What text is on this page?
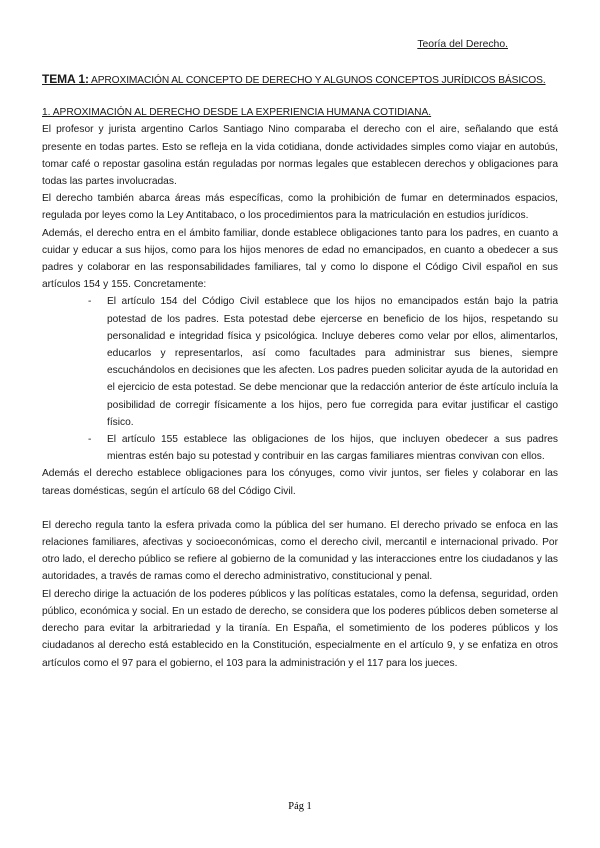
Teoría del Derecho.
TEMA 1: APROXIMACIÓN AL CONCEPTO DE DERECHO Y ALGUNOS CONCEPTOS JURÍDICOS BÁSICOS.
1. APROXIMACIÓN AL DERECHO DESDE LA EXPERIENCIA HUMANA COTIDIANA.

El profesor y jurista argentino Carlos Santiago Nino comparaba el derecho con el aire, señalando que está presente en todas partes. Esto se refleja en la vida cotidiana, donde actividades simples como viajar en autobús, tomar café o repostar gasolina están reguladas por normas legales que establecen derechos y obligaciones para todas las partes involucradas.

El derecho también abarca áreas más específicas, como la prohibición de fumar en determinados espacios, regulada por leyes como la Ley Antitabaco, o los procedimientos para la matriculación en estudios jurídicos.

Además, el derecho entra en el ámbito familiar, donde establece obligaciones tanto para los padres, en cuanto a cuidar y educar a sus hijos, como para los hijos menores de edad no emancipados, en cuanto a obedecer a sus padres y colaborar en las responsabilidades familiares, tal y como lo dispone el Código Civil español en sus artículos 154 y 155. Concretamente:

- El artículo 154 del Código Civil establece que los hijos no emancipados están bajo la patria potestad de los padres. Esta potestad debe ejercerse en beneficio de los hijos, respetando su personalidad e integridad física y psicológica. Incluye deberes como velar por ellos, alimentarlos, educarlos y representarlos, así como facultades para administrar sus bienes, siempre escuchándolos en decisiones que les afecten. Los padres pueden solicitar ayuda de la autoridad en el ejercicio de esta potestad. Se debe mencionar que la redacción anterior de éste artículo incluía la posibilidad de corregir físicamente a los hijos, pero fue corregida para evitar justificar el castigo físico.
- El artículo 155 establece las obligaciones de los hijos, que incluyen obedecer a sus padres mientras estén bajo su potestad y contribuir en las cargas familiares mientras convivan con ellos.

Además el derecho establece obligaciones para los cónyuges, como vivir juntos, ser fieles y colaborar en las tareas domésticas, según el artículo 68 del Código Civil.

El derecho regula tanto la esfera privada como la pública del ser humano. El derecho privado se enfoca en las relaciones familiares, afectivas y socioeconómicas, como el derecho civil, mercantil e internacional privado. Por otro lado, el derecho público se refiere al gobierno de la comunidad y las interacciones entre los ciudadanos y las autoridades, a través de ramas como el derecho administrativo, constitucional y penal.

El derecho dirige la actuación de los poderes públicos y las políticas estatales, como la defensa, seguridad, orden público, económica y social. En un estado de derecho, se considera que los poderes públicos deben someterse al derecho para evitar la arbitrariedad y la tiranía. En España, el sometimiento de los poderes públicos y los ciudadanos al derecho está establecido en la Constitución, especialmente en el artículo 9, y se enfatiza en otros artículos como el 97 para el gobierno, el 103 para la administración y el 117 para los jueces.

Pág 1
